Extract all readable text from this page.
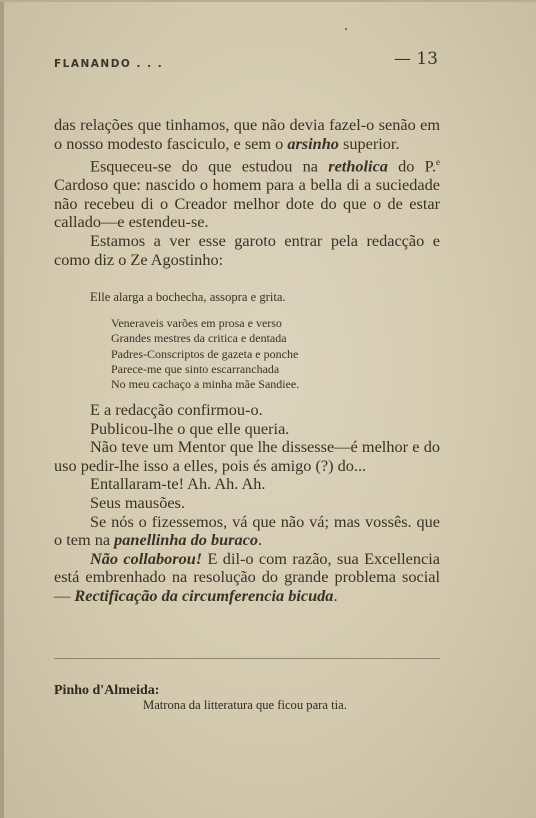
FLANANDO . . .	— 13

das relações que tinhamos, que não devia fazel-o senão em o nosso modesto fasciculo, e sem o arsinho superior.

Esqueceu-se do que estudou na retholica do P.$^e$ Cardoso que: nascido o homem para a bella di a suciedade não recebeu di o Creador melhor dote do que o de estar callado—e estendeu-se.

Estamos a ver esse garoto entrar pela redacção e como diz o Ze Agostinho:

Elle alarga a bochecha, assopra e grita.
Veneraveis varões em prosa e verso
Grandes mestres da critica e dentada
Padres-Conscriptos de gazeta e ponche
Parece-me que sinto escarranchada
No meu cachaço a minha mãe Sandiee.

E a redacção confirmou-o.

Publicou-lhe o que elle queria.

Não teve um Mentor que lhe dissesse—é melhor e do uso pedir-lhe isso a elles, pois és amigo (?) do...

Entallaram-te! Ah. Ah. Ah.

Seus mausões.

Se nós o fizessemos, vá que não vá; mas vossês. que o tem na panellinha do buraco.

Não collaborou! E dil-o com razão, sua Excellencia está embrenhado na resolução do grande problema social— Rectificação da circumferencia bicuda.

Pinho d'Almeida:
Matrona da litteratura que ficou para tia.
